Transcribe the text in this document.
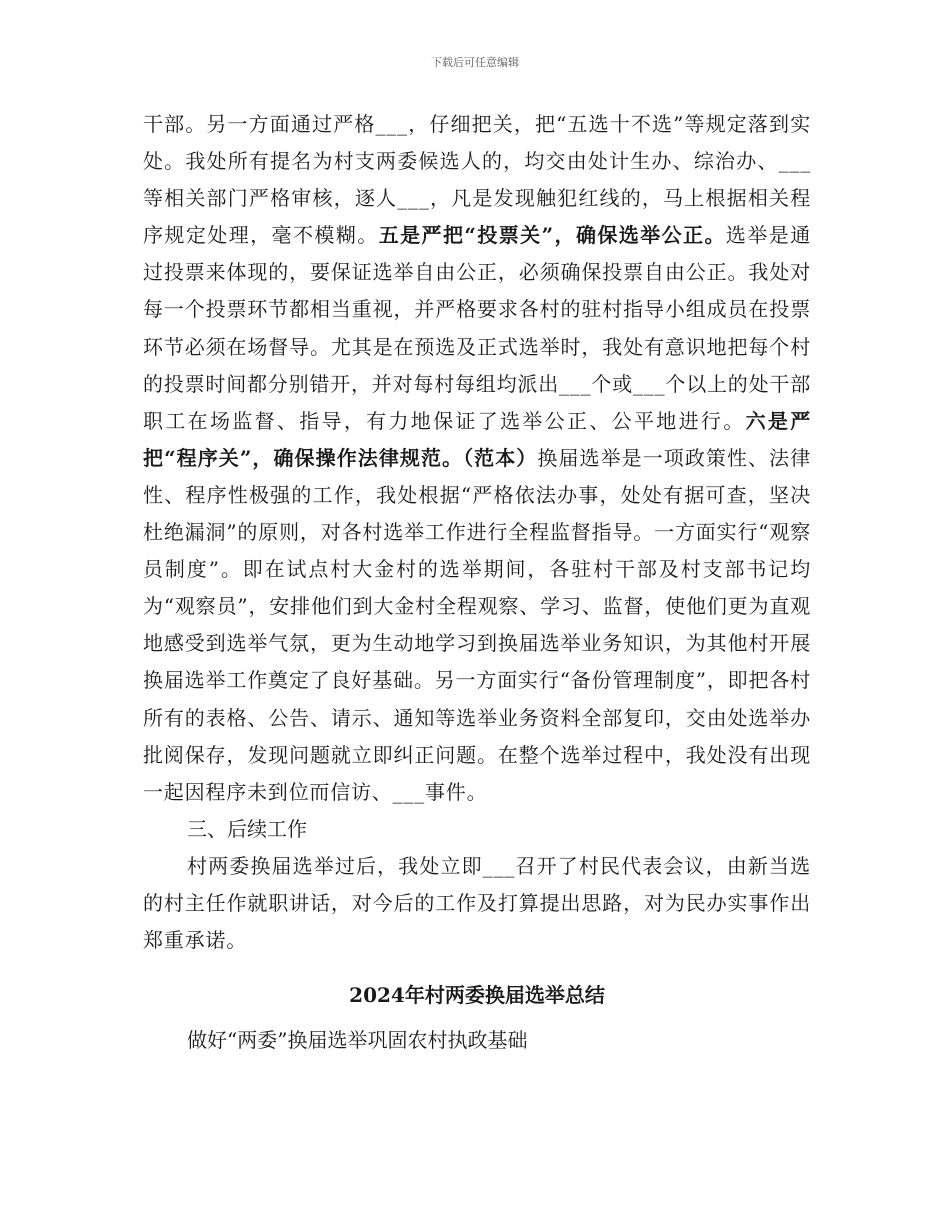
下载后可任意编辑

干部。另一方面通过严格___，仔细把关，把“五选十不选”等规定落到实处。我处所有提名为村支两委候选人的，均交由处计生办、综治办、___等相关部门严格审核，逐人___，凡是发现触犯红线的，马上根据相关程序规定处理，毫不模糊。五是严把“投票关”，确保选举公正。选举是通过投票来体现的，要保证选举自由公正，必须确保投票自由公正。我处对每一个投票环节都相当重视，并严格要求各村的驻村指导小组成员在投票环节必须在场督导。尤其是在预选及正式选举时，我处有意识地把每个村的投票时间都分别错开，并对每村每组均派出___个或___个以上的处干部职工在场监督、指导，有力地保证了选举公正、公平地进行。六是严把“程序关”，确保操作法律规范。（范本）换届选举是一项政策性、法律性、程序性极强的工作，我处根据“严格依法办事，处处有据可查，坚决杜绝漏洞”的原则，对各村选举工作进行全程监督指导。一方面实行“观察员制度”。即在试点村大金村的选举期间，各驻村干部及村支部书记均为“观察员”，安排他们到大金村全程观察、学习、监督，使他们更为直观地感受到选举气氛，更为生动地学习到换届选举业务知识，为其他村开展换届选举工作奠定了良好基础。另一方面实行“备份管理制度”，即把各村所有的表格、公告、请示、通知等选举业务资料全部复印，交由处选举办批阅保存，发现问题就立即纠正问题。在整个选举过程中，我处没有出现一起因程序未到位而信访、___事件。

三、后续工作

村两委换届选举过后，我处立即___召开了村民代表会议，由新当选的村主任作就职讲话，对今后的工作及打算提出思路，对为民办实事作出郑重承诺。

2024年村两委换届选举总结

做好“两委”换届选举巩固农村执政基础
